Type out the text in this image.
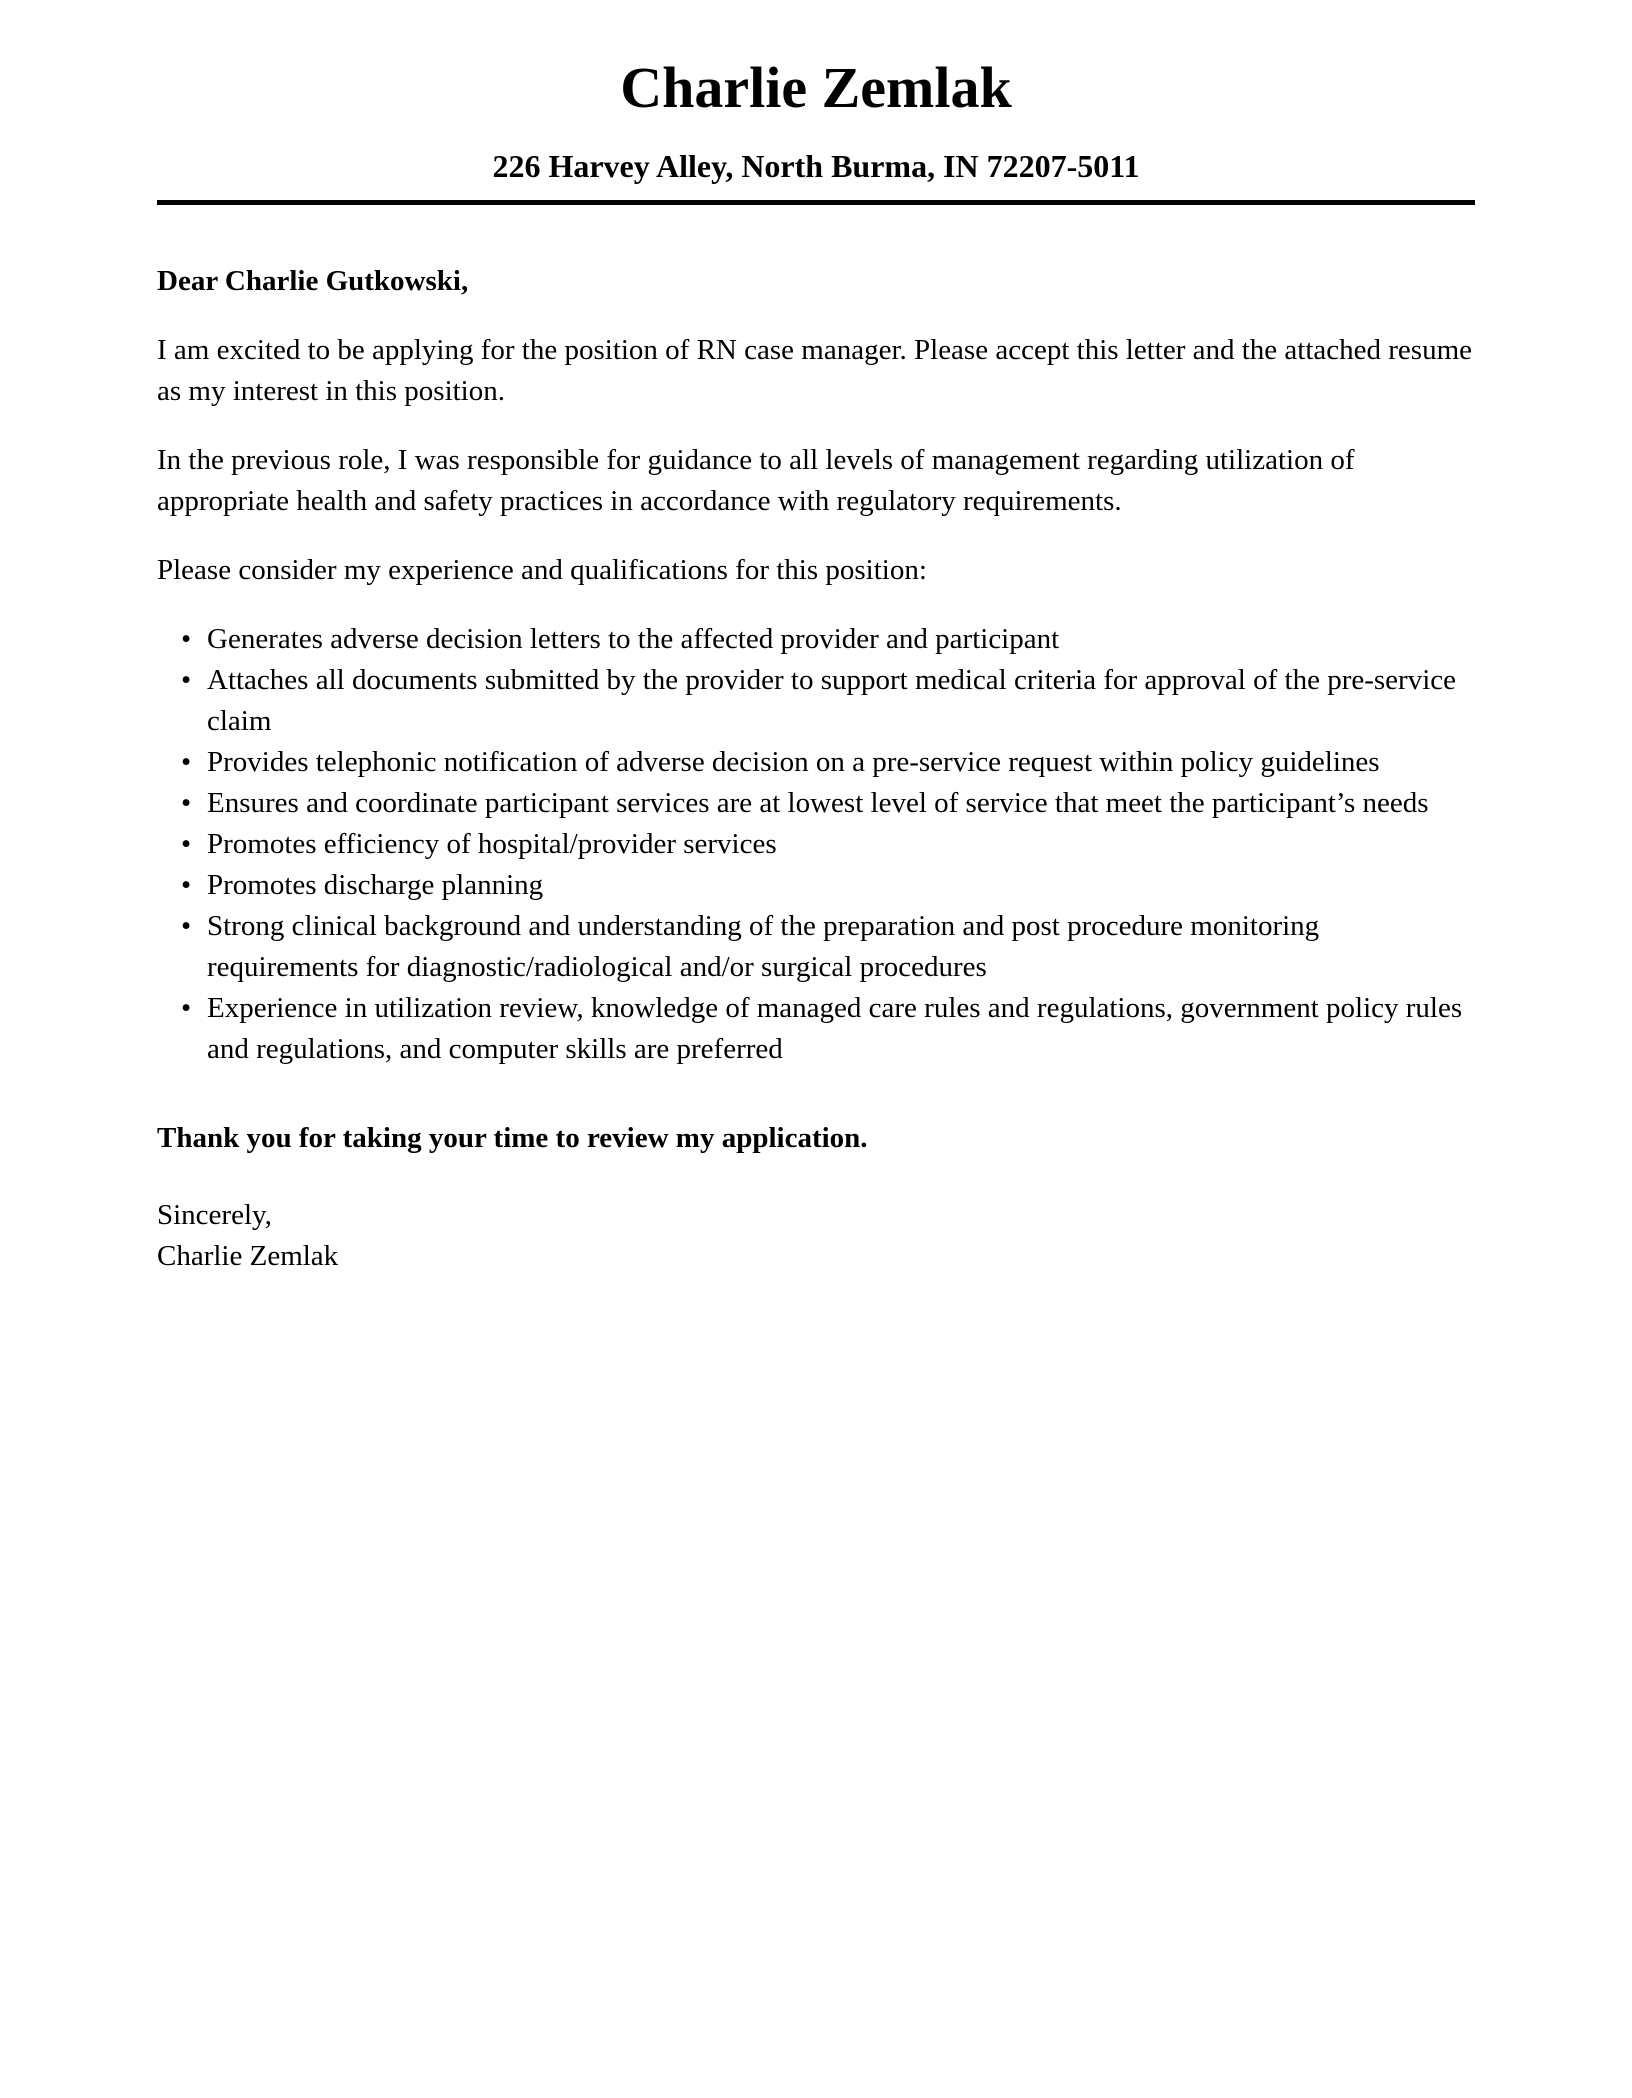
Charlie Zemlak
226 Harvey Alley, North Burma, IN 72207-5011
Dear Charlie Gutkowski,

I am excited to be applying for the position of RN case manager. Please accept this letter and the attached resume as my interest in this position.

In the previous role, I was responsible for guidance to all levels of management regarding utilization of appropriate health and safety practices in accordance with regulatory requirements.

Please consider my experience and qualifications for this position:

• Generates adverse decision letters to the affected provider and participant
• Attaches all documents submitted by the provider to support medical criteria for approval of the pre-service claim
• Provides telephonic notification of adverse decision on a pre-service request within policy guidelines
• Ensures and coordinate participant services are at lowest level of service that meet the participant’s needs
• Promotes efficiency of hospital/provider services
• Promotes discharge planning
• Strong clinical background and understanding of the preparation and post procedure monitoring requirements for diagnostic/radiological and/or surgical procedures
• Experience in utilization review, knowledge of managed care rules and regulations, government policy rules and regulations, and computer skills are preferred
Thank you for taking your time to review my application.
Sincerely,
Charlie Zemlak
